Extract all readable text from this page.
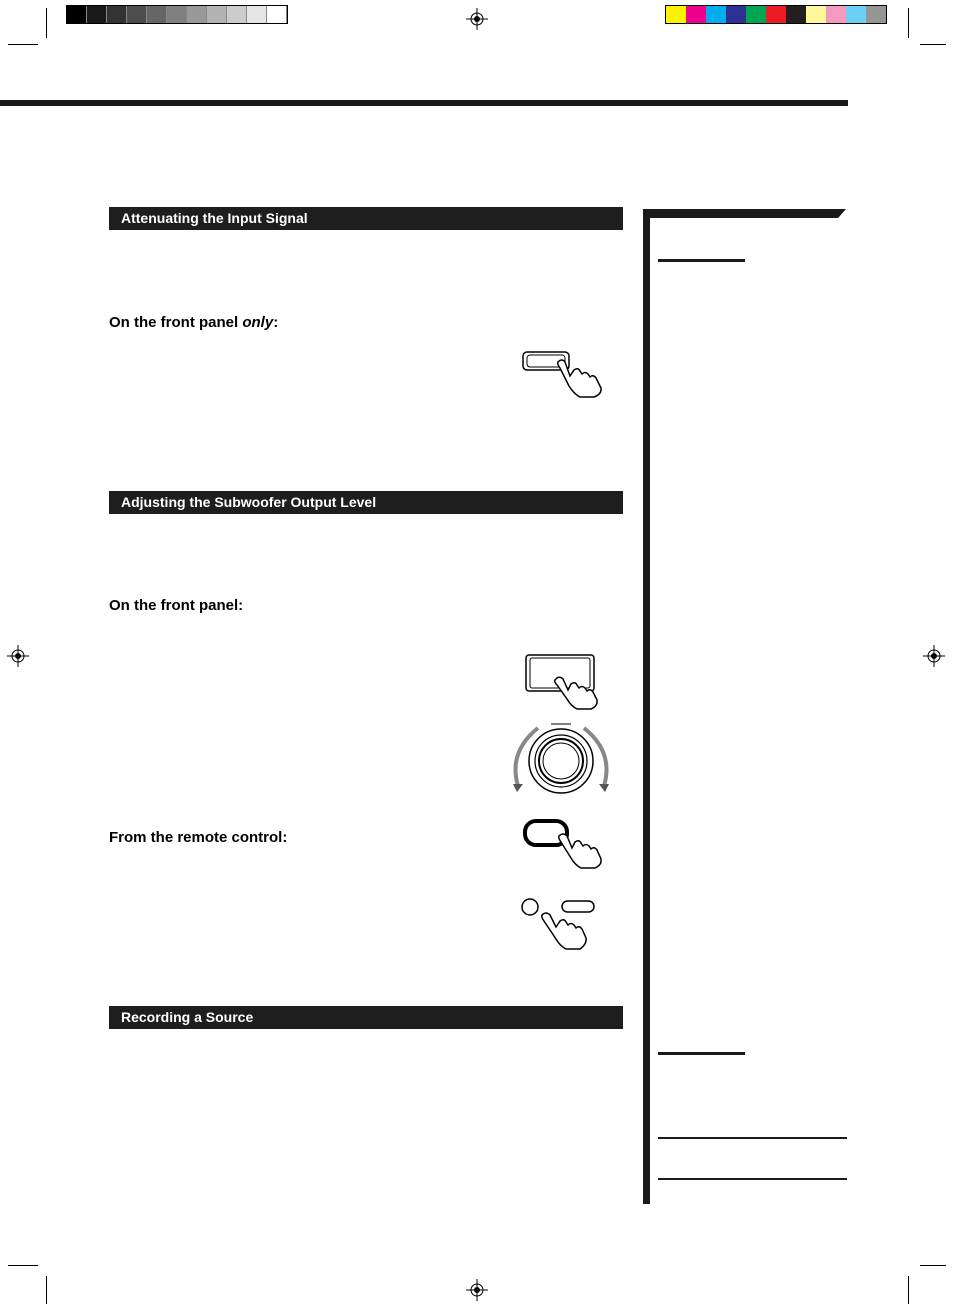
Attenuating the Input Signal
On the front panel only:
Adjusting the Subwoofer Output Level
On the front panel:
From the remote control:
Recording a Source
